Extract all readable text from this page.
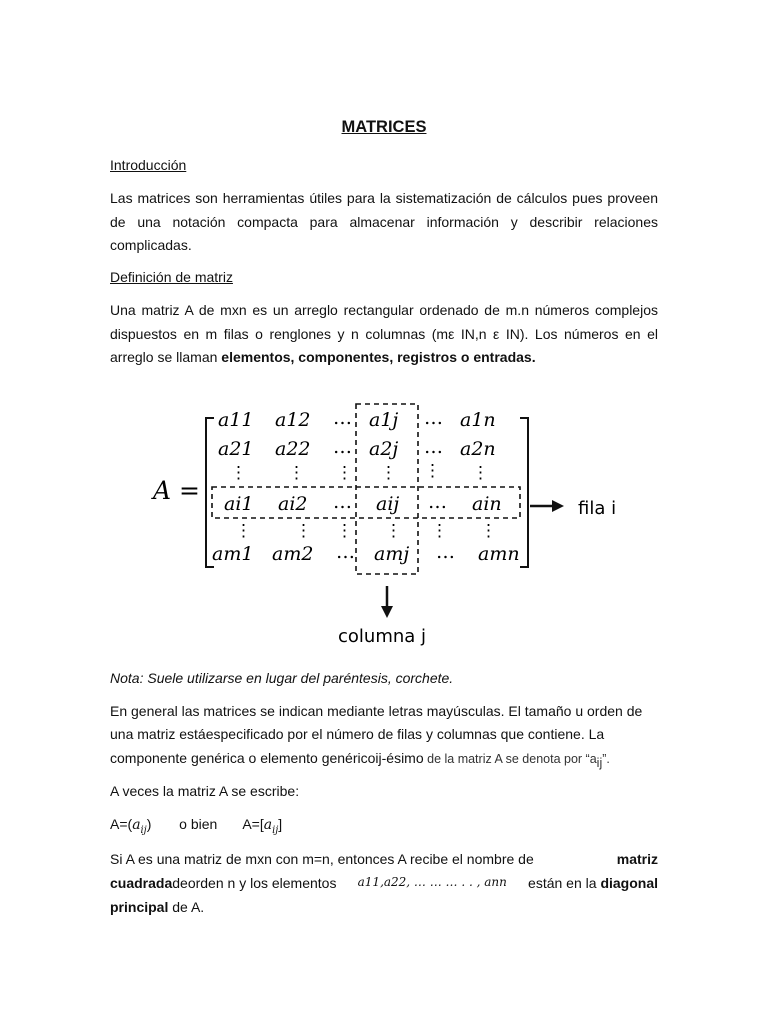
MATRICES
Introducción

Las matrices son herramientas útiles para la sistematización de cálculos pues proveen de una notación compacta para almacenar información y describir relaciones complicadas.

Definición de matriz

Una matriz A de mxn es un arreglo rectangular ordenado de m.n números complejos dispuestos en m filas o renglones y n columnas (mε IN,n ε IN). Los números en el arreglo se llaman elementos, componentes, registros o entradas.

A =
a11 a12 … a1j … a1n
a21 a22 … a2j … a2n
⋮ ⋮ ⋮ ⋮ ⋮ ⋮
ai1 ai2 … aij … ain
⋮	⋮ ⋮ ⋮ ⋮ ⋮
am1 am2 … amj … amn
fila i
columna j
Nota: Suele utilizarse en lugar del paréntesis, corchete.
En general las matrices se indican mediante letras mayúsculas. El tamaño u orden de
una matriz estáespecificado por el número de filas y columnas que contiene. La
componente genérica o elemento genéricoij-ésimo de la matriz A se denota por “$a_{ij}$”.
A veces la matriz A se escribe:
$A=(a_{ij})$ o bien $A=[a_{ij}]$
Si A es una matriz de mxn con m=n, entonces A recibe el nombre de	matriz
cuadradadeorden n y los elementos a11,a22, … … … . . , ann están en la diagonal
principal de A.
